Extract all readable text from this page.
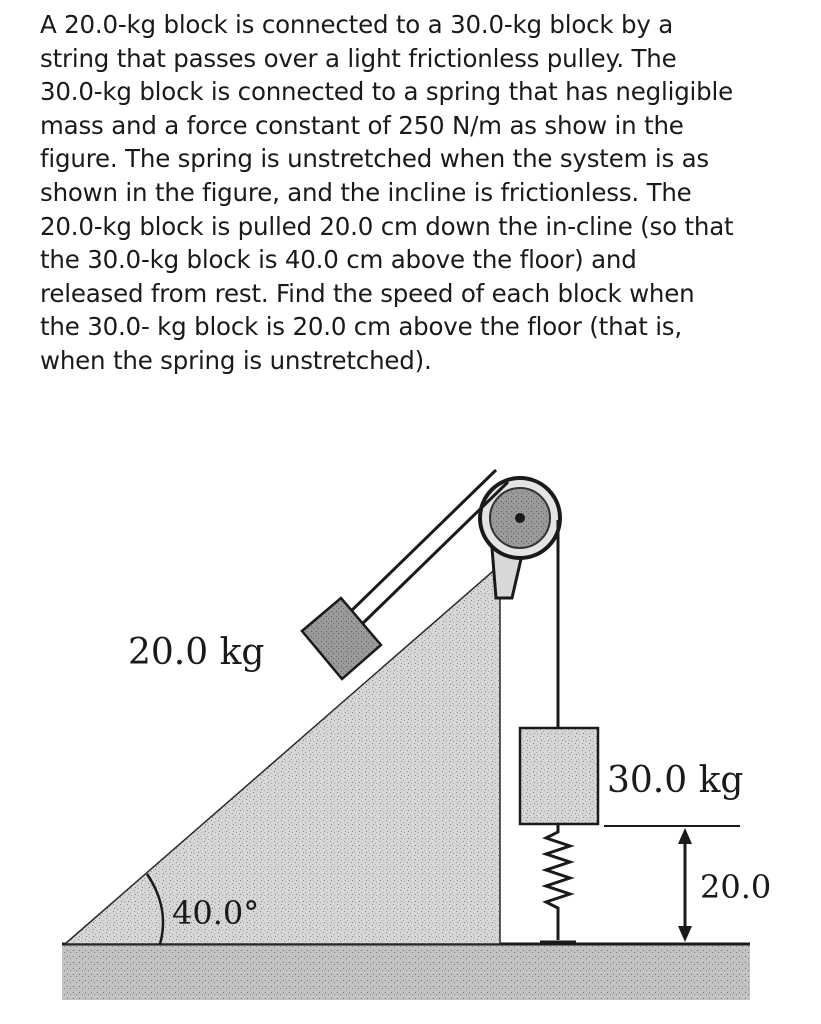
A 20.0-kg block is connected to a 30.0-kg block by a
string that passes over a light frictionless pulley. The
30.0-kg block is connected to a spring that has negligible
mass and a force constant of 250 N/m as show in the
figure. The spring is unstretched when the system is as
shown in the figure, and the incline is frictionless. The
20.0-kg block is pulled 20.0 cm down the in-cline (so that
the 30.0-kg block is 40.0 cm above the floor) and
released from rest. Find the speed of each block when
the 30.0- kg block is 20.0 cm above the floor (that is,
when the spring is unstretched).
20.0 kg
30.0 kg
40.0°
20.0
